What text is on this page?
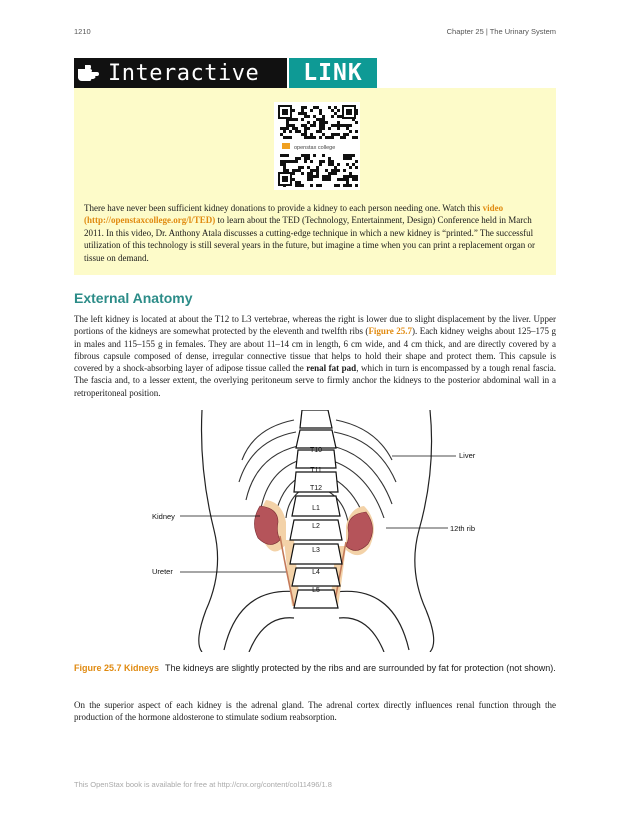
1210	Chapter 25 | The Urinary System
Interactive	LINK
openstax college
There have never been sufficient kidney donations to provide a kidney to each person needing one. Watch this video (http://openstaxcollege.org/l/TED) to learn about the TED (Technology, Entertainment, Design) Conference held in March 2011. In this video, Dr. Anthony Atala discusses a cutting-edge technique in which a new kidney is “printed.” The successful utilization of this technology is still several years in the future, but imagine a time when you can print a replacement organ or tissue on demand.
External Anatomy
The left kidney is located at about the T12 to L3 vertebrae, whereas the right is lower due to slight displacement by the liver. Upper portions of the kidneys are somewhat protected by the eleventh and twelfth ribs (Figure 25.7). Each kidney weighs about 125–175 g in males and 115–155 g in females. They are about 11–14 cm in length, 6 cm wide, and 4 cm thick, and are directly covered by a fibrous capsule composed of dense, irregular connective tissue that helps to hold their shape and protect them. This capsule is covered by a shock-absorbing layer of adipose tissue called the renal fat pad, which in turn is encompassed by a tough renal fascia. The fascia and, to a lesser extent, the overlying peritoneum serve to firmly anchor the kidneys to the posterior abdominal wall in a retroperitoneal position.
T10
T11
T12
L1
L2
L3
L4
L5
Liver
Kidney
12th rib
Ureter
Figure 25.7 Kidneys The kidneys are slightly protected by the ribs and are surrounded by fat for protection (not shown).
On the superior aspect of each kidney is the adrenal gland. The adrenal cortex directly influences renal function through the production of the hormone aldosterone to stimulate sodium reabsorption.
This OpenStax book is available for free at http://cnx.org/content/col11496/1.8
